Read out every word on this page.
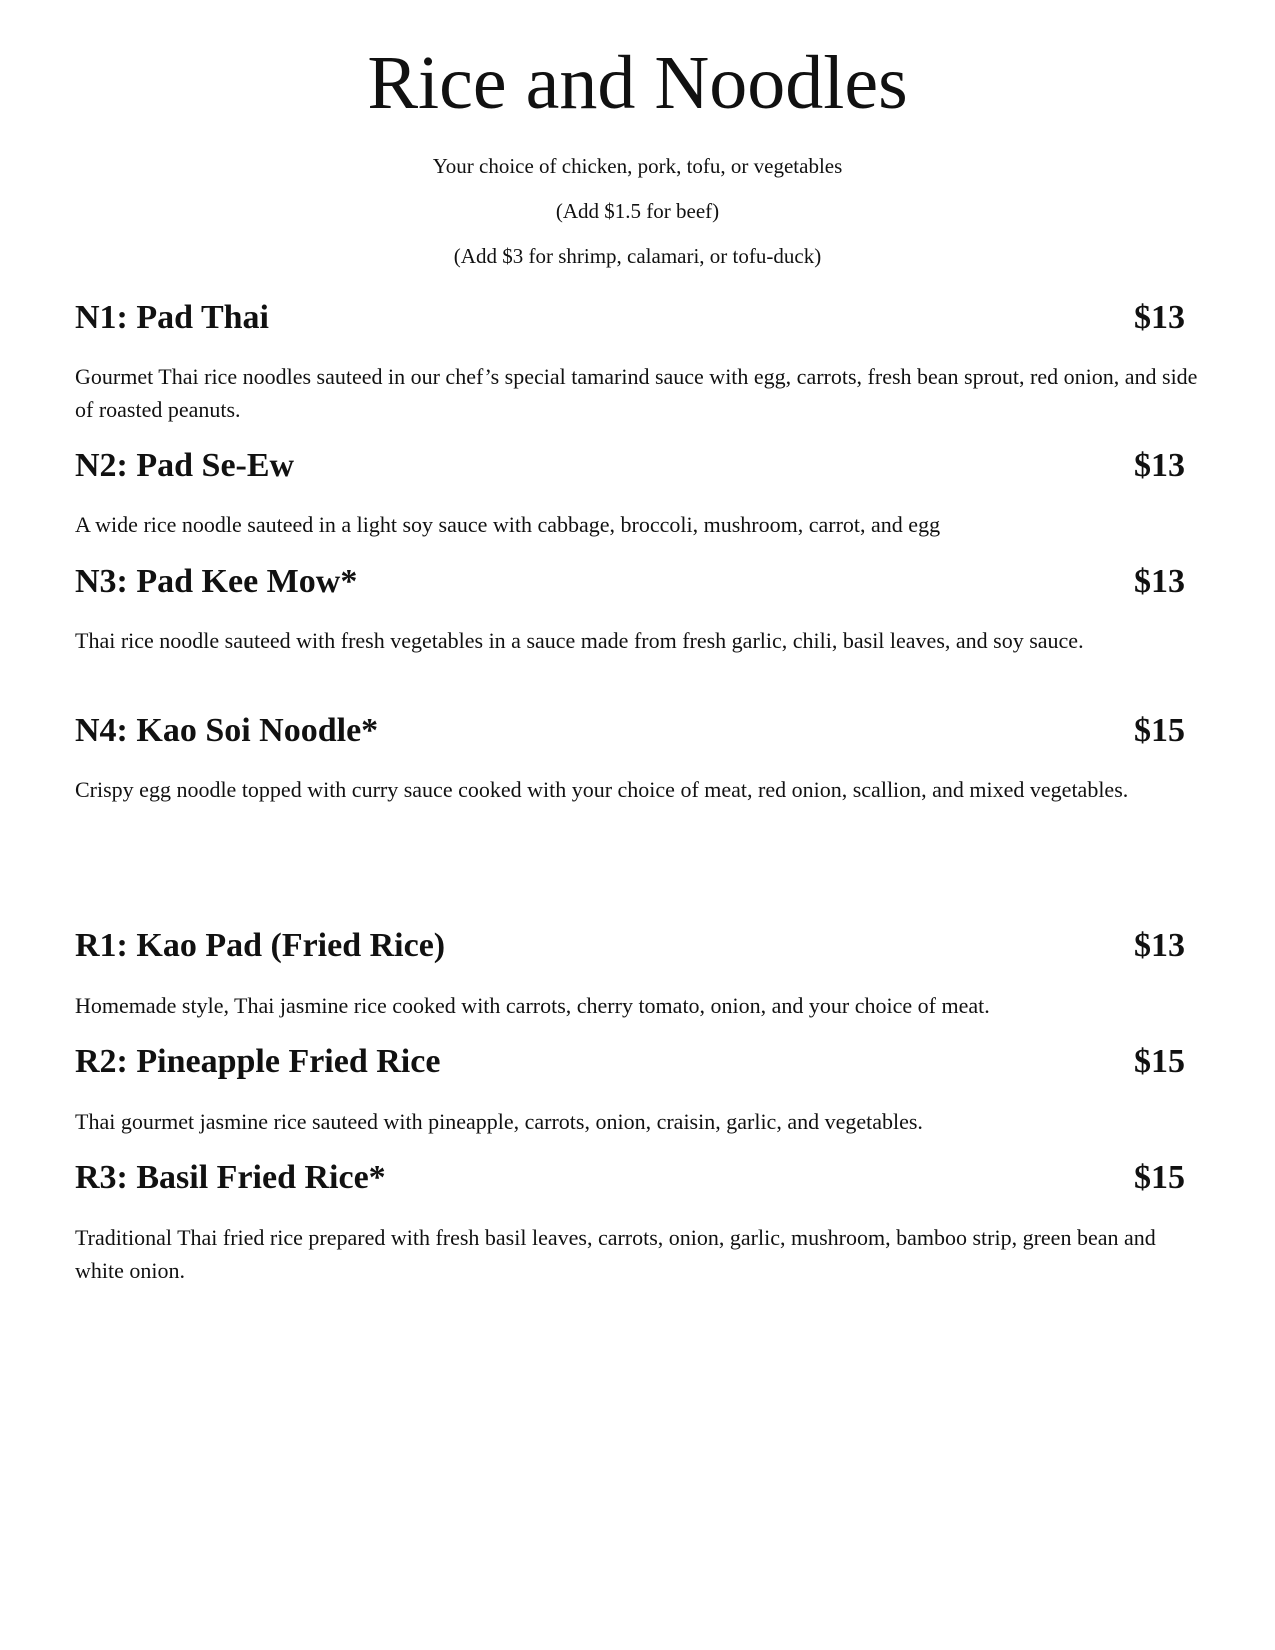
Rice and Noodles
Your choice of chicken, pork, tofu, or vegetables
(Add $1.5 for beef)
(Add $3 for shrimp, calamari, or tofu-duck)
N1: Pad Thai	$13

Gourmet Thai rice noodles sauteed in our chef’s special tamarind sauce with egg, carrots, fresh bean sprout, red onion, and side of roasted peanuts.

N2: Pad Se-Ew	$13

A wide rice noodle sauteed in a light soy sauce with cabbage, broccoli, mushroom, carrot, and egg

N3: Pad Kee Mow*	$13

Thai rice noodle sauteed with fresh vegetables in a sauce made from fresh garlic, chili, basil leaves, and soy sauce.

N4: Kao Soi Noodle*	$15

Crispy egg noodle topped with curry sauce cooked with your choice of meat, red onion, scallion, and mixed vegetables.

R1: Kao Pad (Fried Rice)	$13

Homemade style, Thai jasmine rice cooked with carrots, cherry tomato, onion, and your choice of meat.

R2: Pineapple Fried Rice	$15

Thai gourmet jasmine rice sauteed with pineapple, carrots, onion, craisin, garlic, and vegetables.

R3: Basil Fried Rice*	$15

Traditional Thai fried rice prepared with fresh basil leaves, carrots, onion, garlic, mushroom, bamboo strip, green bean and white onion.
